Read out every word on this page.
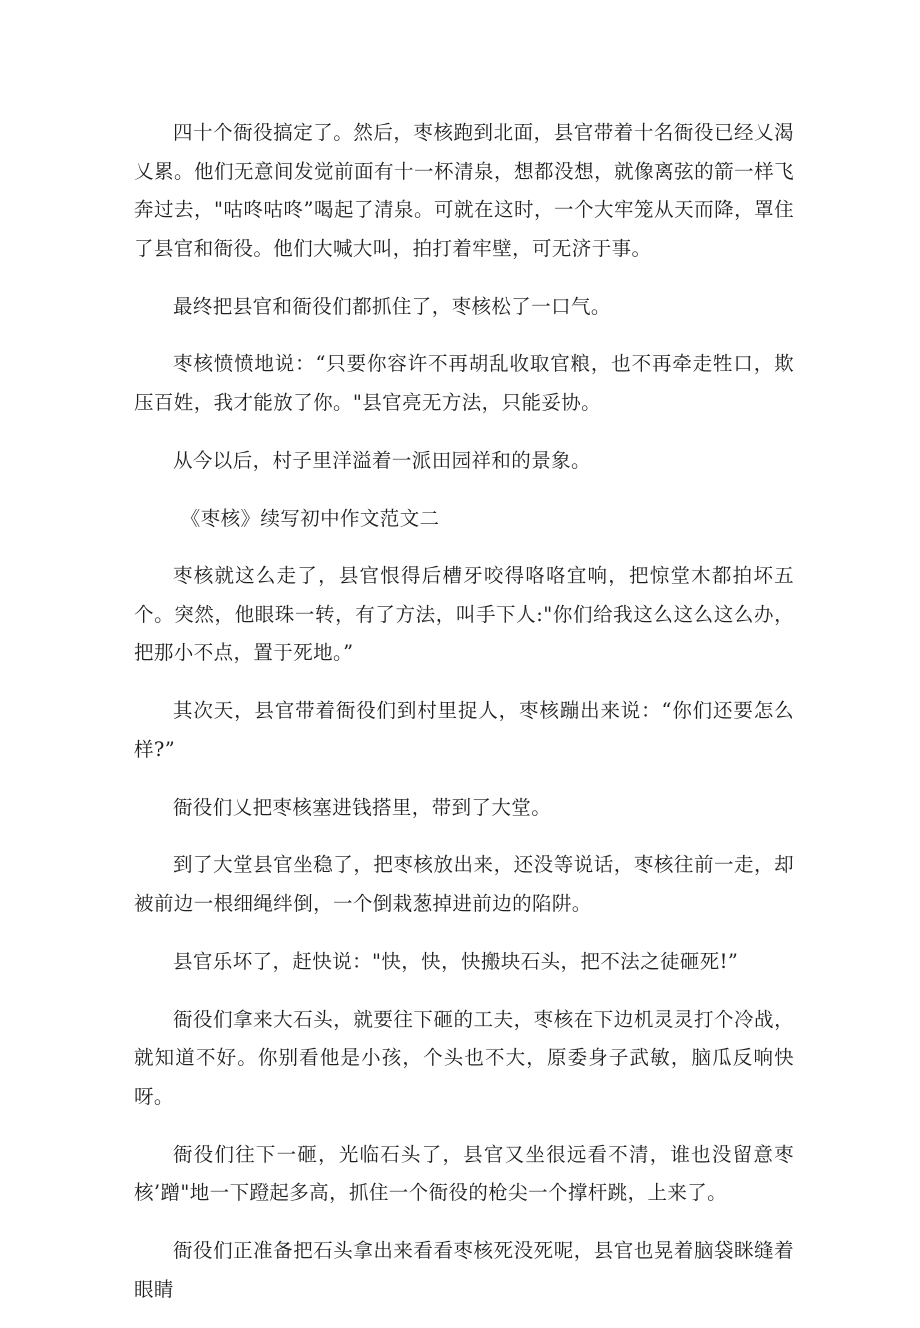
四十个衙役搞定了。然后，枣核跑到北面，县官带着十名衙役已经乂渴乂累。他们无意间发觉前面有十一杯清泉，想都没想，就像离弦的箭一样飞奔过去，"咕咚咕咚”喝起了清泉。可就在这时，一个大牢笼从天而降，罩住了县官和衙役。他们大喊大叫，拍打着牢壁，可无济于事。

最终把县官和衙役们都抓住了，枣核松了一口气。

枣核愤愤地说：“只要你容许不再胡乱收取官粮，也不再牵走牲口，欺压百姓，我才能放了你。"县官亮无方法，只能妥协。

从今以后，村子里洋溢着一派田园祥和的景象。

《枣核》续写初中作文范文二

枣核就这么走了，县官恨得后槽牙咬得咯咯宜响，把惊堂木都拍坏五个。突然，他眼珠一转，有了方法，叫手下人:"你们给我这么这么这么办，把那小不点，置于死地。”

其次天，县官带着衙役们到村里捉人，枣核蹦出来说：“你们还要怎么样?”

衙役们乂把枣核塞进钱搭里，带到了大堂。

到了大堂县官坐稳了，把枣核放出来，还没等说话，枣核往前一走，却被前边一根细绳绊倒，一个倒栽葱掉进前边的陷阱。

县官乐坏了，赶快说："快，快，快搬块石头，把不法之徒砸死!”

衙役们拿来大石头，就要往下砸的工夫，枣核在下边机灵灵打个冷战，就知道不好。你别看他是小孩，个头也不大，原委身子武敏，脑瓜反响快呀。

衙役们往下一砸，光临石头了，县官又坐很远看不清，谁也没留意枣核’蹭"地一下蹬起多高，抓住一个衙役的枪尖一个撑杆跳，上来了。

衙役们正准备把石头拿出来看看枣核死没死呢，县官也晃着脑袋眯缝着眼睛
